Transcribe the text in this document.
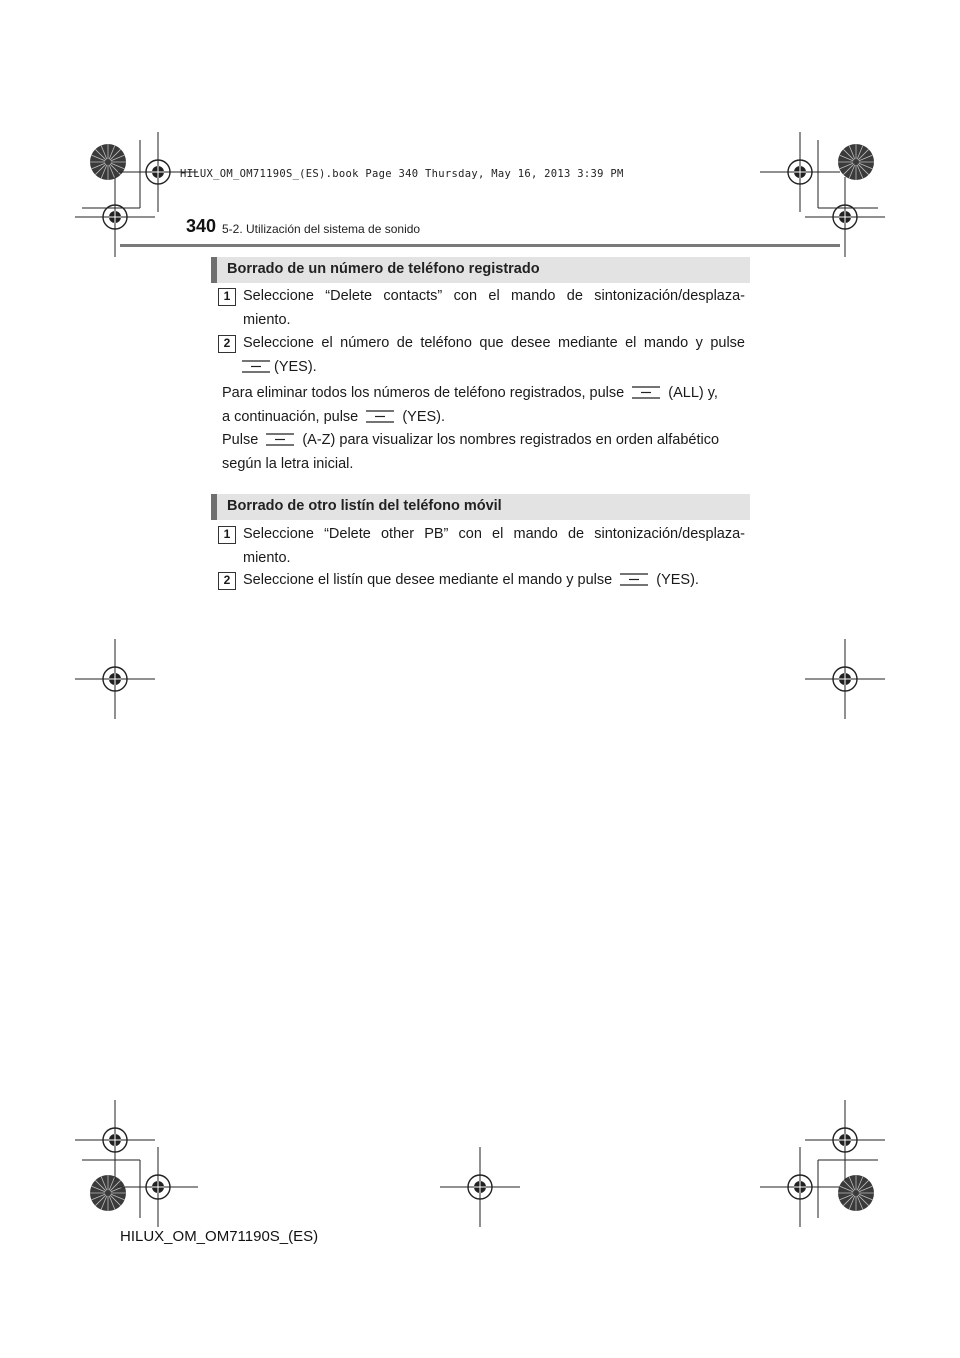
HILUX_OM_OM71190S_(ES).book Page 340 Thursday, May 16, 2013 3:39 PM
340 5-2. Utilización del sistema de sonido
Borrado de un número de teléfono registrado
1 Seleccione “Delete contacts” con el mando de sintonización/desplaza-
miento.
2 Seleccione el número de teléfono que desee mediante el mando y pulse
(YES).
Para eliminar todos los números de teléfono registrados, pulse	(ALL) y,
a continuación, pulse	(YES).
Pulse	(A-Z) para visualizar los nombres registrados en orden alfabético
según la letra inicial.
Borrado de otro listín del teléfono móvil
1 Seleccione “Delete other PB” con el mando de sintonización/desplaza-
miento.
2 Seleccione el listín que desee mediante el mando y pulse	(YES).
HILUX_OM_OM71190S_(ES)
